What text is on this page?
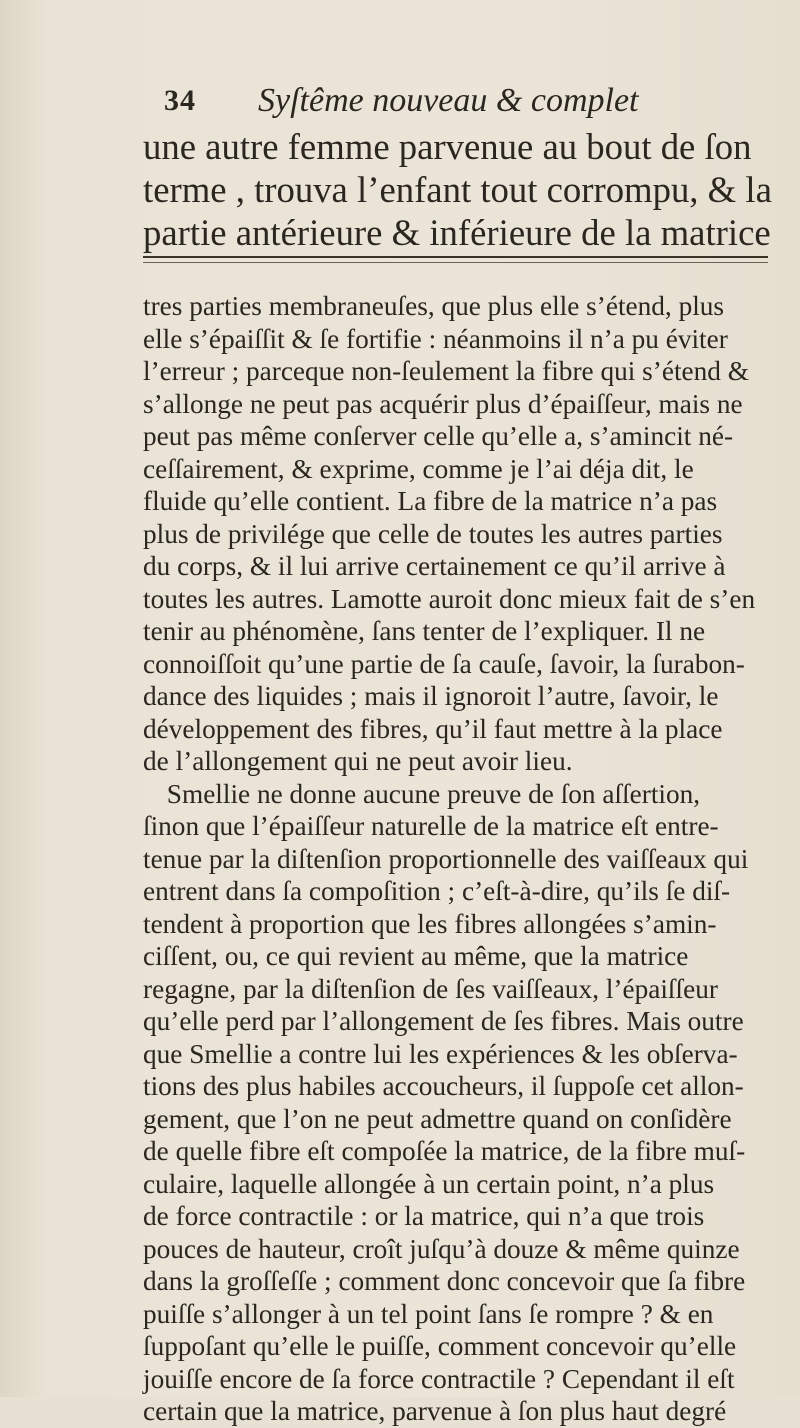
34 Syſtême nouveau & complet
une autre femme parvenue au bout de ſon
terme , trouva l’enfant tout corrompu, & la
partie antérieure & inférieure de la matrice
tres parties membraneuſes, que plus elle s’étend, plus
elle s’épaiſſit & ſe fortifie : néanmoins il n’a pu éviter
l’erreur ; parceque non-ſeulement la fibre qui s’étend &
s’allonge ne peut pas acquérir plus d’épaiſſeur, mais ne
peut pas même conſerver celle qu’elle a, s’amincit né-
ceſſairement, & exprime, comme je l’ai déja dit, le
fluide qu’elle contient. La fibre de la matrice n’a pas
plus de privilége que celle de toutes les autres parties
du corps, & il lui arrive certainement ce qu’il arrive à
toutes les autres. Lamotte auroit donc mieux fait de s’en
tenir au phénomène, ſans tenter de l’expliquer. Il ne
connoiſſoit qu’une partie de ſa cauſe, ſavoir, la ſurabon-
dance des liquides ; mais il ignoroit l’autre, ſavoir, le
développement des fibres, qu’il faut mettre à la place
de l’allongement qui ne peut avoir lieu.
Smellie ne donne aucune preuve de ſon aſſertion,
ſinon que l’épaiſſeur naturelle de la matrice eſt entre-
tenue par la diſtenſion proportionnelle des vaiſſeaux qui
entrent dans ſa compoſition ; c’eſt-à-dire, qu’ils ſe diſ-
tendent à proportion que les fibres allongées s’amin-
ciſſent, ou, ce qui revient au même, que la matrice
regagne, par la diſtenſion de ſes vaiſſeaux, l’épaiſſeur
qu’elle perd par l’allongement de ſes fibres. Mais outre
que Smellie a contre lui les expériences & les obſerva-
tions des plus habiles accoucheurs, il ſuppoſe cet allon-
gement, que l’on ne peut admettre quand on conſidère
de quelle fibre eſt compoſée la matrice, de la fibre muſ-
culaire, laquelle allongée à un certain point, n’a plus
de force contractile : or la matrice, qui n’a que trois
pouces de hauteur, croît juſqu’à douze & même quinze
dans la groſſeſſe ; comment donc concevoir que ſa fibre
puiſſe s’allonger à un tel point ſans ſe rompre ? & en
ſuppoſant qu’elle le puiſſe, comment concevoir qu’elle
jouiſſe encore de ſa force contractile ? Cependant il eſt
certain que la matrice, parvenue à ſon plus haut degré
